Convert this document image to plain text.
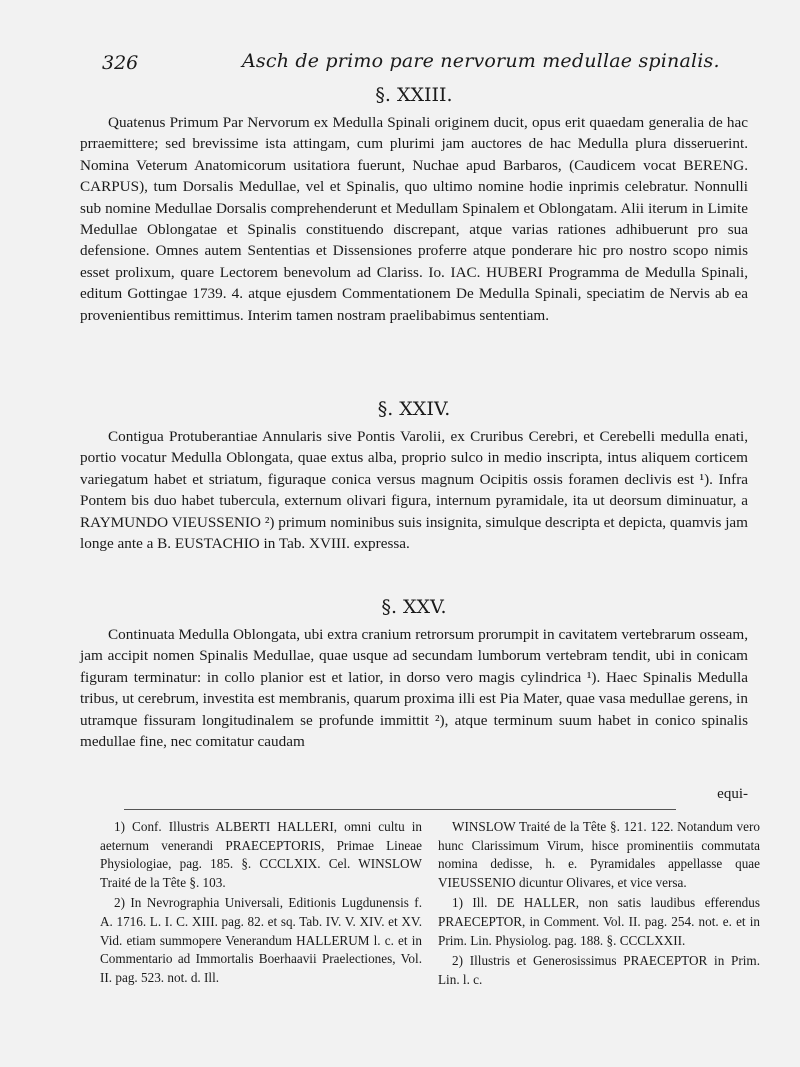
326	Asch de primo pare nervorum medullae spinalis.
§. XXIII.

Quatenus Primum Par Nervorum ex Medulla Spinali originem ducit, opus erit quaedam generalia de hac prraemittere; sed brevissime ista attingam, cum plurimi jam auctores de hac Medulla plura disseruerint. Nomina Veterum Anatomicorum usitatiora fuerunt, Nuchae apud Barbaros, (Caudicem vocat BERENG. CARPUS), tum Dorsalis Medullae, vel et Spinalis, quo ultimo nomine hodie inprimis celebratur. Nonnulli sub nomine Medullae Dorsalis comprehenderunt et Medullam Spinalem et Oblongatam. Alii iterum in Limite Medullae Oblongatae et Spinalis constituendo discrepant, atque varias rationes adhibuerunt pro sua defensione. Omnes autem Sententias et Dissensiones proferre atque ponderare hic pro nostro scopo nimis esset prolixum, quare Lectorem benevolum ad Clariss. Io. IAC. HUBERI Programma de Medulla Spinali, editum Gottingae 1739. 4. atque ejusdem Commentationem De Medulla Spinali, speciatim de Nervis ab ea provenientibus remittimus. Interim tamen nostram praelibabimus sententiam.

§. XXIV.

Contigua Protuberantiae Annularis sive Pontis Varolii, ex Cruribus Cerebri, et Cerebelli medulla enati, portio vocatur Medulla Oblongata, quae extus alba, proprio sulco in medio inscripta, intus aliquem corticem variegatum habet et striatum, figuraque conica versus magnum Ocipitis ossis foramen declivis est ¹). Infra Pontem bis duo habet tubercula, externum olivari figura, internum pyramidale, ita ut deorsum diminuatur, a RAYMUNDO VIEUSSENIO ²) primum nominibus suis insignita, simulque descripta et depicta, quamvis jam longe ante a B. EUSTACHIO in Tab. XVIII. expressa.

§. XXV.

Continuata Medulla Oblongata, ubi extra cranium retrorsum prorumpit in cavitatem vertebrarum osseam, jam accipit nomen Spinalis Medullae, quae usque ad secundam lumborum vertebram tendit, ubi in conicam figuram terminatur: in collo planior est et latior, in dorso vero magis cylindrica ¹). Haec Spinalis Medulla tribus, ut cerebrum, investita est membranis, quarum proxima illi est Pia Mater, quae vasa medullae gerens, in utramque fissuram longitudinalem se profunde immittit ²), atque terminum suum habet in conico spinalis medullae fine, nec comitatur caudam

equi-

1) Conf. Illustris ALBERTI HALLERI, omni cultu in aeternum venerandi PRAECEPTORIS, Primae Lineae Physiologiae, pag. 185. §. CCCLXIX. Cel. WINSLOW Traité de la Tête §. 103.

2) In Nevrographia Universali, Editionis Lugdunensis f. A. 1716. L. I. C. XIII. pag. 82. et sq. Tab. IV. V. XIV. et XV. Vid. etiam summopere Venerandum HALLERUM l. c. et in Commentario ad Immortalis Boerhaavii Praelectiones, Vol. II. pag. 523. not. d. Ill.

WINSLOW Traité de la Tête §. 121. 122. Notandum vero hunc Clarissimum Virum, hisce prominentiis commutata nomina dedisse, h. e. Pyramidales appellasse quae VIEUSSENIO dicuntur Olivares, et vice versa.

1) Ill. DE HALLER, non satis laudibus efferendus PRAECEPTOR, in Comment. Vol. II. pag. 254. not. e. et in Prim. Lin. Physiolog. pag. 188. §. CCCLXXII.

2) Illustris et Generosissimus PRAECEPTOR in Prim. Lin. l. c.
